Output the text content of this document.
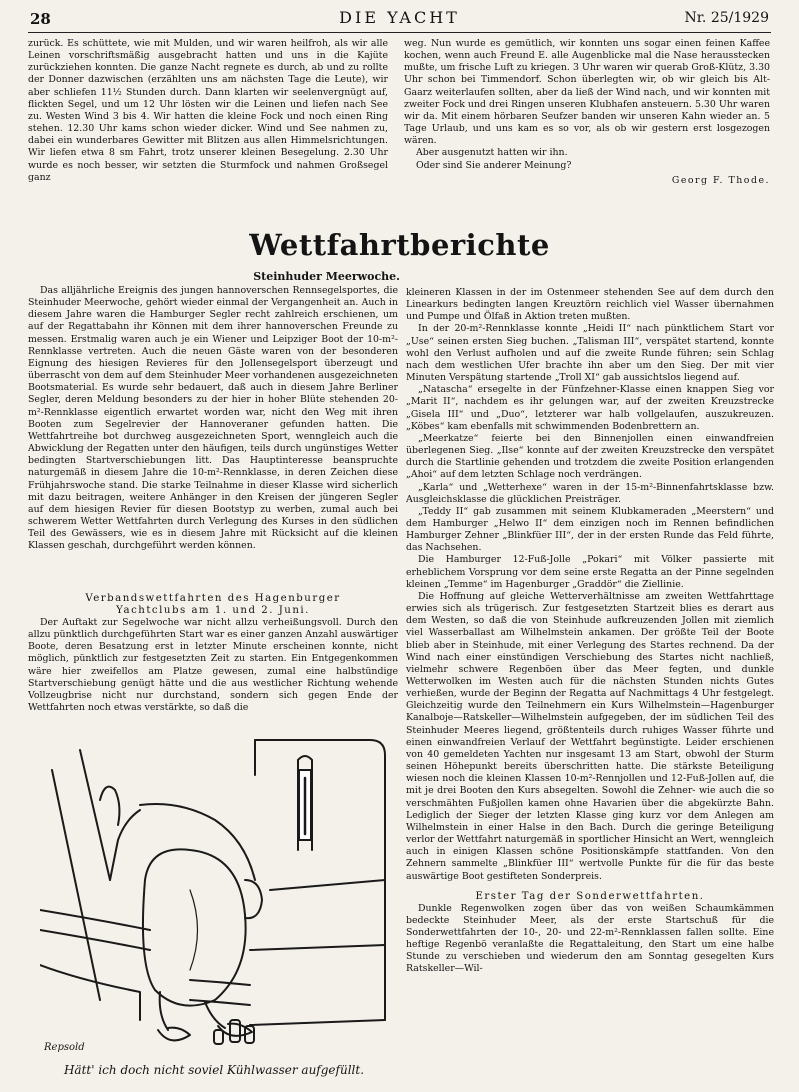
28	DIE YACHT	Nr. 25/1929

zurück. Es schüttete, wie mit Mulden, und wir waren heilfroh, als wir alle Leinen vorschriftsmäßig ausgebracht hatten und uns in die Kajüte zurückziehen konnten. Die ganze Nacht regnete es durch, ab und zu rollte der Donner dazwischen (erzählten uns am nächsten Tage die Leute), wir aber schliefen 11½ Stunden durch. Dann klarten wir seelenvergnügt auf, flickten Segel, und um 12 Uhr lösten wir die Leinen und liefen nach See zu. Westen Wind 3 bis 4. Wir hatten die kleine Fock und noch einen Ring stehen. 12.30 Uhr kams schon wieder dicker. Wind und See nahmen zu, dabei ein wunderbares Gewitter mit Blitzen aus allen Himmelsrichtungen. Wir liefen etwa 8 sm Fahrt, trotz unserer kleinen Besegelung. 2.30 Uhr wurde es noch besser, wir setzten die Sturmfock und nahmen Großsegel ganz

weg. Nun wurde es gemütlich, wir konnten uns sogar einen feinen Kaffee kochen, wenn auch Freund E. alle Augenblicke mal die Nase herausstecken mußte, um frische Luft zu kriegen. 3 Uhr waren wir querab Groß-Klütz, 3.30 Uhr schon bei Timmendorf. Schon überlegten wir, ob wir gleich bis Alt-Gaarz weiterlaufen sollten, aber da ließ der Wind nach, und wir konnten mit zweiter Fock und drei Ringen unseren Klubhafen ansteuern. 5.30 Uhr waren wir da. Mit einem hörbaren Seufzer banden wir unseren Kahn wieder an. 5 Tage Urlaub, und uns kam es so vor, als ob wir gestern erst losgezogen wären.

Aber ausgenutzt hatten wir ihn.

Oder sind Sie anderer Meinung?

Georg F. Thode.

Wettfahrtberichte
Steinhuder Meerwoche.

Das alljährliche Ereignis des jungen hannoverschen Rennsegelsportes, die Steinhuder Meerwoche, gehört wieder einmal der Vergangenheit an. Auch in diesem Jahre waren die Hamburger Segler recht zahlreich erschienen, um auf der Regattabahn ihr Können mit dem ihrer hannoverschen Freunde zu messen. Erstmalig waren auch je ein Wiener und Leipziger Boot der 10-m²-Rennklasse vertreten. Auch die neuen Gäste waren von der besonderen Eignung des hiesigen Revieres für den Jollensegelsport überzeugt und überrascht von dem auf dem Steinhuder Meer vorhandenen ausgezeichneten Bootsmaterial. Es wurde sehr bedauert, daß auch in diesem Jahre Berliner Segler, deren Meldung besonders zu der hier in hoher Blüte stehenden 20-m²-Rennklasse eigentlich erwartet worden war, nicht den Weg mit ihren Booten zum Segelrevier der Hannoveraner gefunden hatten. Die Wettfahrtreihe bot durchweg ausgezeichneten Sport, wenngleich auch die Abwicklung der Regatten unter den häufigen, teils durch ungünstiges Wetter bedingten Startverschiebungen litt. Das Hauptinteresse beanspruchte naturgemäß in diesem Jahre die 10-m²-Rennklasse, in deren Zeichen diese Frühjahrswoche stand. Die starke Teilnahme in dieser Klasse wird sicherlich mit dazu beitragen, weitere Anhänger in den Kreisen der jüngeren Segler auf dem hiesigen Revier für diesen Bootstyp zu werben, zumal auch bei schwerem Wetter Wettfahrten durch Verlegung des Kurses in den südlichen Teil des Gewässers, wie es in diesem Jahre mit Rücksicht auf die kleinen Klassen geschah, durchgeführt werden können.

Verbandswettfahrten des Hagenburger

Yachtclubs am 1. und 2. Juni.

Der Auftakt zur Segelwoche war nicht allzu verheißungsvoll. Durch den allzu pünktlich durchgeführten Start war es einer ganzen Anzahl auswärtiger Boote, deren Besatzung erst in letzter Minute erscheinen konnte, nicht möglich, pünktlich zur festgesetzten Zeit zu starten. Ein Entgegenkommen wäre hier zweifellos am Platze gewesen, zumal eine halbstündige Startverschiebung genügt hätte und die aus westlicher Richtung wehende Vollzeugbrise nicht nur durchstand, sondern sich gegen Ende der Wettfahrten noch etwas verstärkte, so daß die

kleineren Klassen in der im Ostenmeer stehenden See auf dem durch den Linearkurs bedingten langen Kreuztörn reichlich viel Wasser übernahmen und Pumpe und Ölfaß in Aktion treten mußten.

In der 20-m²-Rennklasse konnte „Heidi II“ nach pünktlichem Start vor „Use“ seinen ersten Sieg buchen. „Talisman III“, verspätet startend, konnte wohl den Verlust aufholen und auf die zweite Runde führen; sein Schlag nach dem westlichen Ufer brachte ihn aber um den Sieg. Der mit vier Minuten Verspätung startende „Troll XI“ gab aussichtslos liegend auf.

„Natascha“ ersegelte in der Fünfzehner-Klasse einen knappen Sieg vor „Marit II“, nachdem es ihr gelungen war, auf der zweiten Kreuzstrecke „Gisela III“ und „Duo“, letzterer war halb vollgelaufen, auszukreuzen. „Köbes“ kam ebenfalls mit schwimmenden Bodenbrettern an.

„Meerkatze“ feierte bei den Binnenjollen einen einwandfreien überlegenen Sieg. „Ilse“ konnte auf der zweiten Kreuzstrecke den verspätet durch die Startlinie gehenden und trotzdem die zweite Position erlangenden „Ahoi“ auf dem letzten Schlage noch verdrängen.

„Karla“ und „Wetterhexe“ waren in der 15-m²-Binnenfahrtsklasse bzw. Ausgleichsklasse die glücklichen Preisträger.

„Teddy II“ gab zusammen mit seinem Klubkameraden „Meerstern“ und dem Hamburger „Helwo II“ dem einzigen noch im Rennen befindlichen Hamburger Zehner „Blinkfüer III“, der in der ersten Runde das Feld führte, das Nachsehen.

Die Hamburger 12-Fuß-Jolle „Pokari“ mit Völker passierte mit erheblichem Vorsprung vor dem seine erste Regatta an der Pinne segelnden kleinen „Temme“ im Hagenburger „Graddör“ die Ziellinie.

Die Hoffnung auf gleiche Wetterverhältnisse am zweiten Wettfahrttage erwies sich als trügerisch. Zur festgesetzten Startzeit blies es derart aus dem Westen, so daß die von Steinhude aufkreuzenden Jollen mit ziemlich viel Wasserballast am Wilhelmstein ankamen. Der größte Teil der Boote blieb aber in Steinhude, mit einer Verlegung des Startes rechnend. Da der Wind nach einer einstündigen Verschiebung des Startes nicht nachließ, vielmehr schwere Regenböen über das Meer fegten, und dunkle Wetterwolken im Westen auch für die nächsten Stunden nichts Gutes verhießen, wurde der Beginn der Regatta auf Nachmittags 4 Uhr festgelegt. Gleichzeitig wurde den Teilnehmern ein Kurs Wilhelmstein—Hagenburger Kanalboje—Ratskeller—Wilhelmstein aufgegeben, der im südlichen Teil des Steinhuder Meeres liegend, größtenteils durch ruhiges Wasser führte und einen einwandfreien Verlauf der Wettfahrt begünstigte. Leider erschienen von 40 gemeldeten Yachten nur insgesamt 13 am Start, obwohl der Sturm seinen Höhepunkt bereits überschritten hatte. Die stärkste Beteiligung wiesen noch die kleinen Klassen 10-m²-Rennjollen und 12-Fuß-Jollen auf, die mit je drei Booten den Kurs absegelten. Sowohl die Zehner- wie auch die so verschmähten Fußjollen kamen ohne Havarien über die abgekürzte Bahn. Lediglich der Sieger der letzten Klasse ging kurz vor dem Anlegen am Wilhelmstein in einer Halse in den Bach. Durch die geringe Beteiligung verlor der Wettfahrt naturgemäß in sportlicher Hinsicht an Wert, wenngleich auch in einigen Klassen schöne Positionskämpfe stattfanden. Von den Zehnern sammelte „Blinkfüer III“ wertvolle Punkte für die für das beste auswärtige Boot gestifteten Sonderpreis.

Erster Tag der Sonderwettfahrten.

Dunkle Regenwolken zogen über das von weißen Schaumkämmen bedeckte Steinhuder Meer, als der erste Startschuß für die Sonderwettfahrten der 10-, 20- und 22-m²-Rennklassen fallen sollte. Eine heftige Regenbö veranlaßte die Regattaleitung, den Start um eine halbe Stunde zu verschieben und wiederum den am Sonntag gesegelten Kurs Ratskeller—Wil-

Repsold
Hätt' ich doch nicht soviel Kühlwasser aufgefüllt.
